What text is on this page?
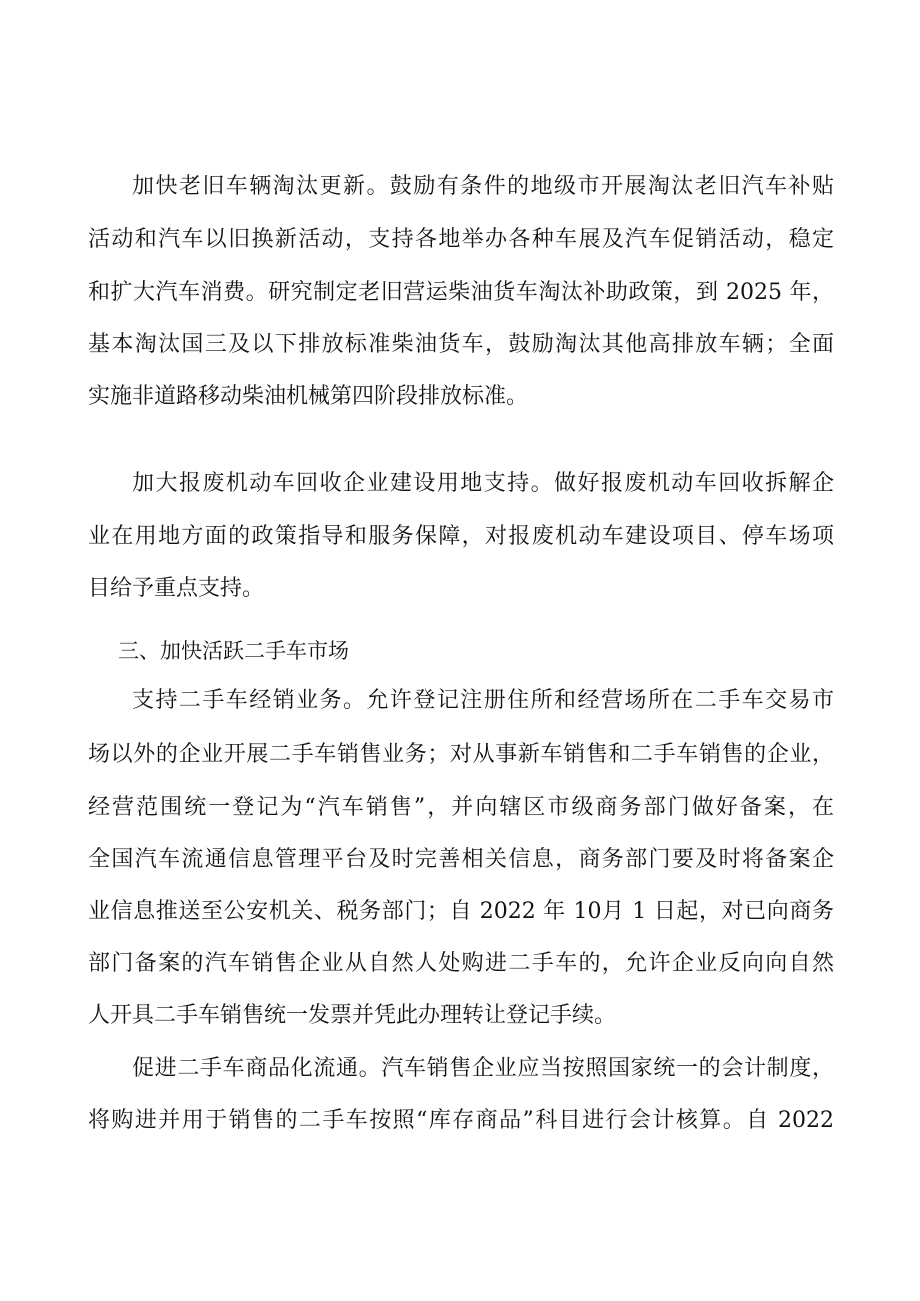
加快老旧车辆淘汰更新。鼓励有条件的地级市开展淘汰老旧汽车补贴
活动和汽车以旧换新活动，支持各地举办各种车展及汽车促销活动，稳定
和扩大汽车消费。研究制定老旧营运柴油货车淘汰补助政策，到 2025 年，
基本淘汰国三及以下排放标准柴油货车，鼓励淘汰其他高排放车辆；全面
实施非道路移动柴油机械第四阶段排放标准。
加大报废机动车回收企业建设用地支持。做好报废机动车回收拆解企
业在用地方面的政策指导和服务保障，对报废机动车建设项目、停车场项
目给予重点支持。
三、加快活跃二手车市场
支持二手车经销业务。允许登记注册住所和经营场所在二手车交易市
场以外的企业开展二手车销售业务；对从事新车销售和二手车销售的企业，
经营范围统一登记为“汽车销售”，并向辖区市级商务部门做好备案，在
全国汽车流通信息管理平台及时完善相关信息，商务部门要及时将备案企
业信息推送至公安机关、税务部门；自 2022 年 10月 1 日起，对已向商务
部门备案的汽车销售企业从自然人处购进二手车的，允许企业反向向自然
人开具二手车销售统一发票并凭此办理转让登记手续。
促进二手车商品化流通。汽车销售企业应当按照国家统一的会计制度，
将购进并用于销售的二手车按照“库存商品”科目进行会计核算。自 2022
